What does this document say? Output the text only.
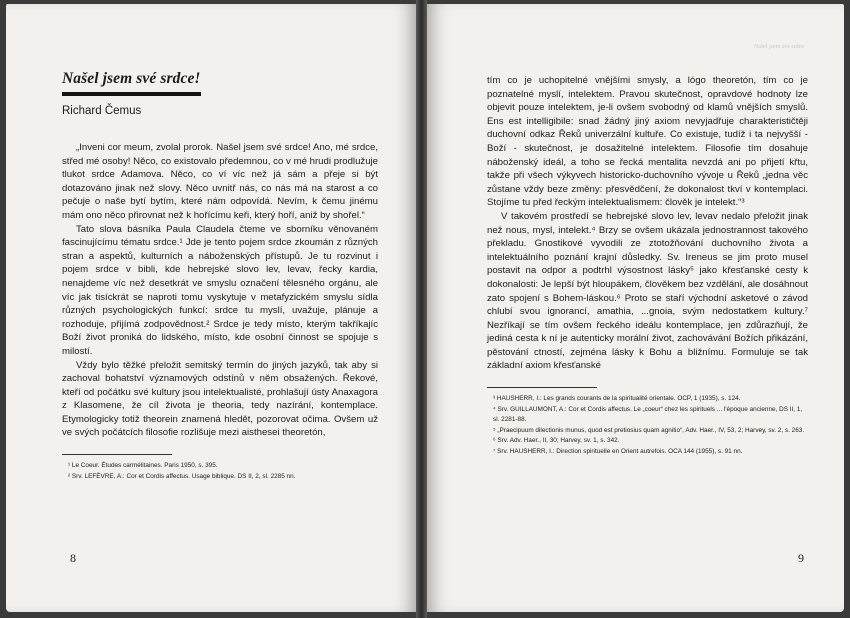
Našel jsem své srdce!
Richard Čemus

„Inveni cor meum, zvolal prorok. Našel jsem své srdce! Ano, mé srdce, střed mé osoby! Něco, co existovalo předemnou, co v mé hrudi prodlužuje tlukot srdce Adamova. Něco, co ví víc než já sám a přeje si být dotazováno jinak než slovy. Něco uvnitř nás, co nás má na starost a co pečuje o naše bytí bytím, které nám odpovídá. Nevím, k čemu jinému mám ono něco přirovnat než k hořícímu keři, který hoří, aniž by shořel.“

Tato slova básníka Paula Claudela čteme ve sborníku věnovaném fascinujícímu tématu srdce.¹ Jde je tento pojem srdce zkoumán z různých stran a aspektů, kulturních a náboženských přístupů. Je tu rozvinut i pojem srdce v bibli, kde hebrejské slovo lev, levav, řecky kardia, nenajdeme víc než desetkrát ve smyslu označení tělesného orgánu, ale víc jak tisíckrát se naproti tomu vyskytuje v metafyzickém smyslu sídla různých psychologických funkcí: srdce tu myslí, uvažuje, plánuje a rozhoduje, přijímá zodpovědnost.² Srdce je tedy místo, kterým takříkajíc Boží život proniká do lidského, místo, kde osobní činnost se spojuje s milostí.

Vždy bylo těžké přeložit semitský termín do jiných jazyků, tak aby si zachoval bohatství významových odstínů v něm obsažených. Řekové, kteří od počátku své kultury jsou intelektualisté, prohlašují ústy Anaxagora z Klasomene, že cíl života je theoria, tedy nazírání, kontemplace. Etymologicky totiž theorein znamená hledět, pozorovat očima. Ovšem už ve svých počátcích filosofie rozlišuje mezi aisthesei theoretón,

¹ Le Coeur. Études carmélitaines. Paris 1950, s. 395.

² Srv. LEFÈVRE, A.: Cor et Cordis affectus. Usage biblique. DS II, 2, sl. 2285 nn.

8
Našel jsem své srdce

tím co je uchopitelné vnějšími smysly, a lógo theoretón, tím co je poznatelné myslí, intelektem. Pravou skutečnost, opravdové hodnoty lze objevit pouze intelektem, je-li ovšem svobodný od klamů vnějších smyslů. Ens est intelligibile: snad žádný jiný axiom nevyjadřuje charakterističtěji duchovní odkaz Řeků univerzální kultuře. Co existuje, tudíž i ta nejvyšší - Boží - skutečnost, je dosažitelné intelektem. Filosofie tím dosahuje náboženský ideál, a toho se řecká mentalita nevzdá ani po přijetí křtu, takže při všech výkyvech historicko-duchovního vývoje u Řeků „jedna věc zůstane vždy beze změny: přesvědčení, že dokonalost tkví v kontemplaci. Stojíme tu před řeckým intelektualismem: člověk je intelekt.“³

V takovém prostředí se hebrejské slovo lev, levav nedalo přeložit jinak než nous, mysl, intelekt.⁴ Brzy se ovšem ukázala jednostrannost takového překladu. Gnostikové vyvodili ze ztotožňování duchovního života a intelektuálního poznání krajní důsledky. Sv. Ireneus se jim proto musel postavit na odpor a podtrhl výsostnost lásky⁵ jako křesťanské cesty k dokonalosti: Je lepší být hloupákem, člověkem bez vzdělání, ale dosáhnout zato spojení s Bohem-láskou.⁶ Proto se staří východní asketové o závod chlubí svou ignorancí, amathia, ...gnoia, svým nedostatkem kultury.⁷ Nezříkají se tím ovšem řeckého ideálu kontemplace, jen zdůrazňují, že jediná cesta k ní je autenticky morální život, zachovávání Božích přikázání, pěstování ctností, zejména lásky k Bohu a bližnímu. Formuluje se tak základní axiom křesťanské

³ HAUSHERR, I.: Les grands courants de la spiritualité orientale. OCP, 1 (1935), s. 124.

⁴ Srv. GUILLAUMONT, A.: Cor et Cordis affectus. Le „coeur“ chez les spirituels ... l'époque ancienne, DS II, 1, sl. 2281-88.

⁵ „Praecipuum dilectionis munus, quod est pretiosius quam agnitio“, Adv. Haer., IV, 53, 2; Harvey, sv. 2, s. 263.

⁶ Srv. Adv. Haer., II, 30; Harvey, sv. 1, s. 342.

⁷ Srv. HAUSHERR, I.: Direction spirituelle en Orient autrefois. OCA 144 (1955), s. 91 nn.

9
